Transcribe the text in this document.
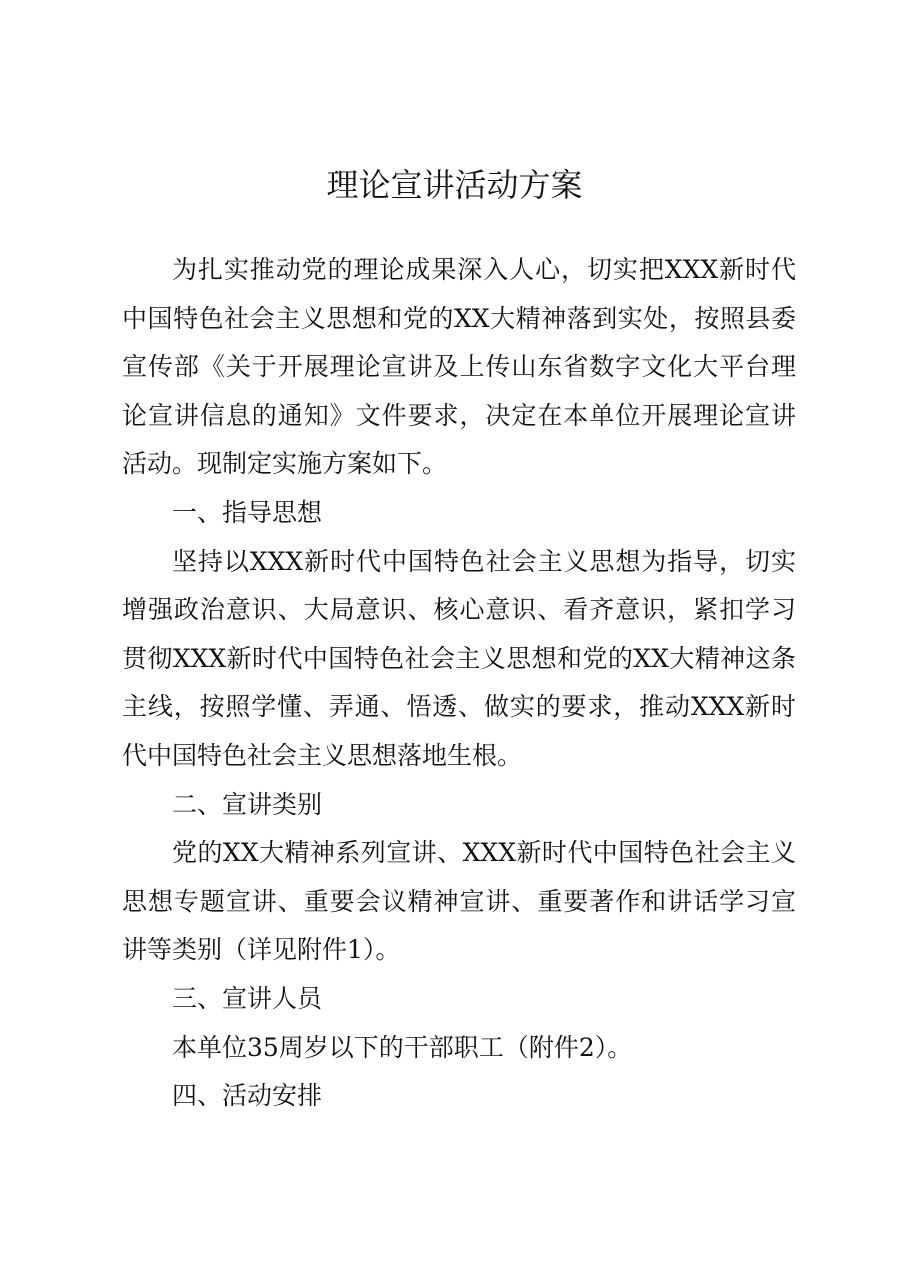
理论宣讲活动方案

为扎实推动党的理论成果深入人心，切实把XXX新时代中国特色社会主义思想和党的XX大精神落到实处，按照县委宣传部《关于开展理论宣讲及上传山东省数字文化大平台理论宣讲信息的通知》文件要求，决定在本单位开展理论宣讲活动。现制定实施方案如下。

一、指导思想

坚持以XXX新时代中国特色社会主义思想为指导，切实增强政治意识、大局意识、核心意识、看齐意识，紧扣学习贯彻XXX新时代中国特色社会主义思想和党的XX大精神这条主线，按照学懂、弄通、悟透、做实的要求，推动XXX新时代中国特色社会主义思想落地生根。

二、宣讲类别

党的XX大精神系列宣讲、XXX新时代中国特色社会主义思想专题宣讲、重要会议精神宣讲、重要著作和讲话学习宣讲等类别（详见附件1）。

三、宣讲人员

本单位35周岁以下的干部职工（附件2）。

四、活动安排
